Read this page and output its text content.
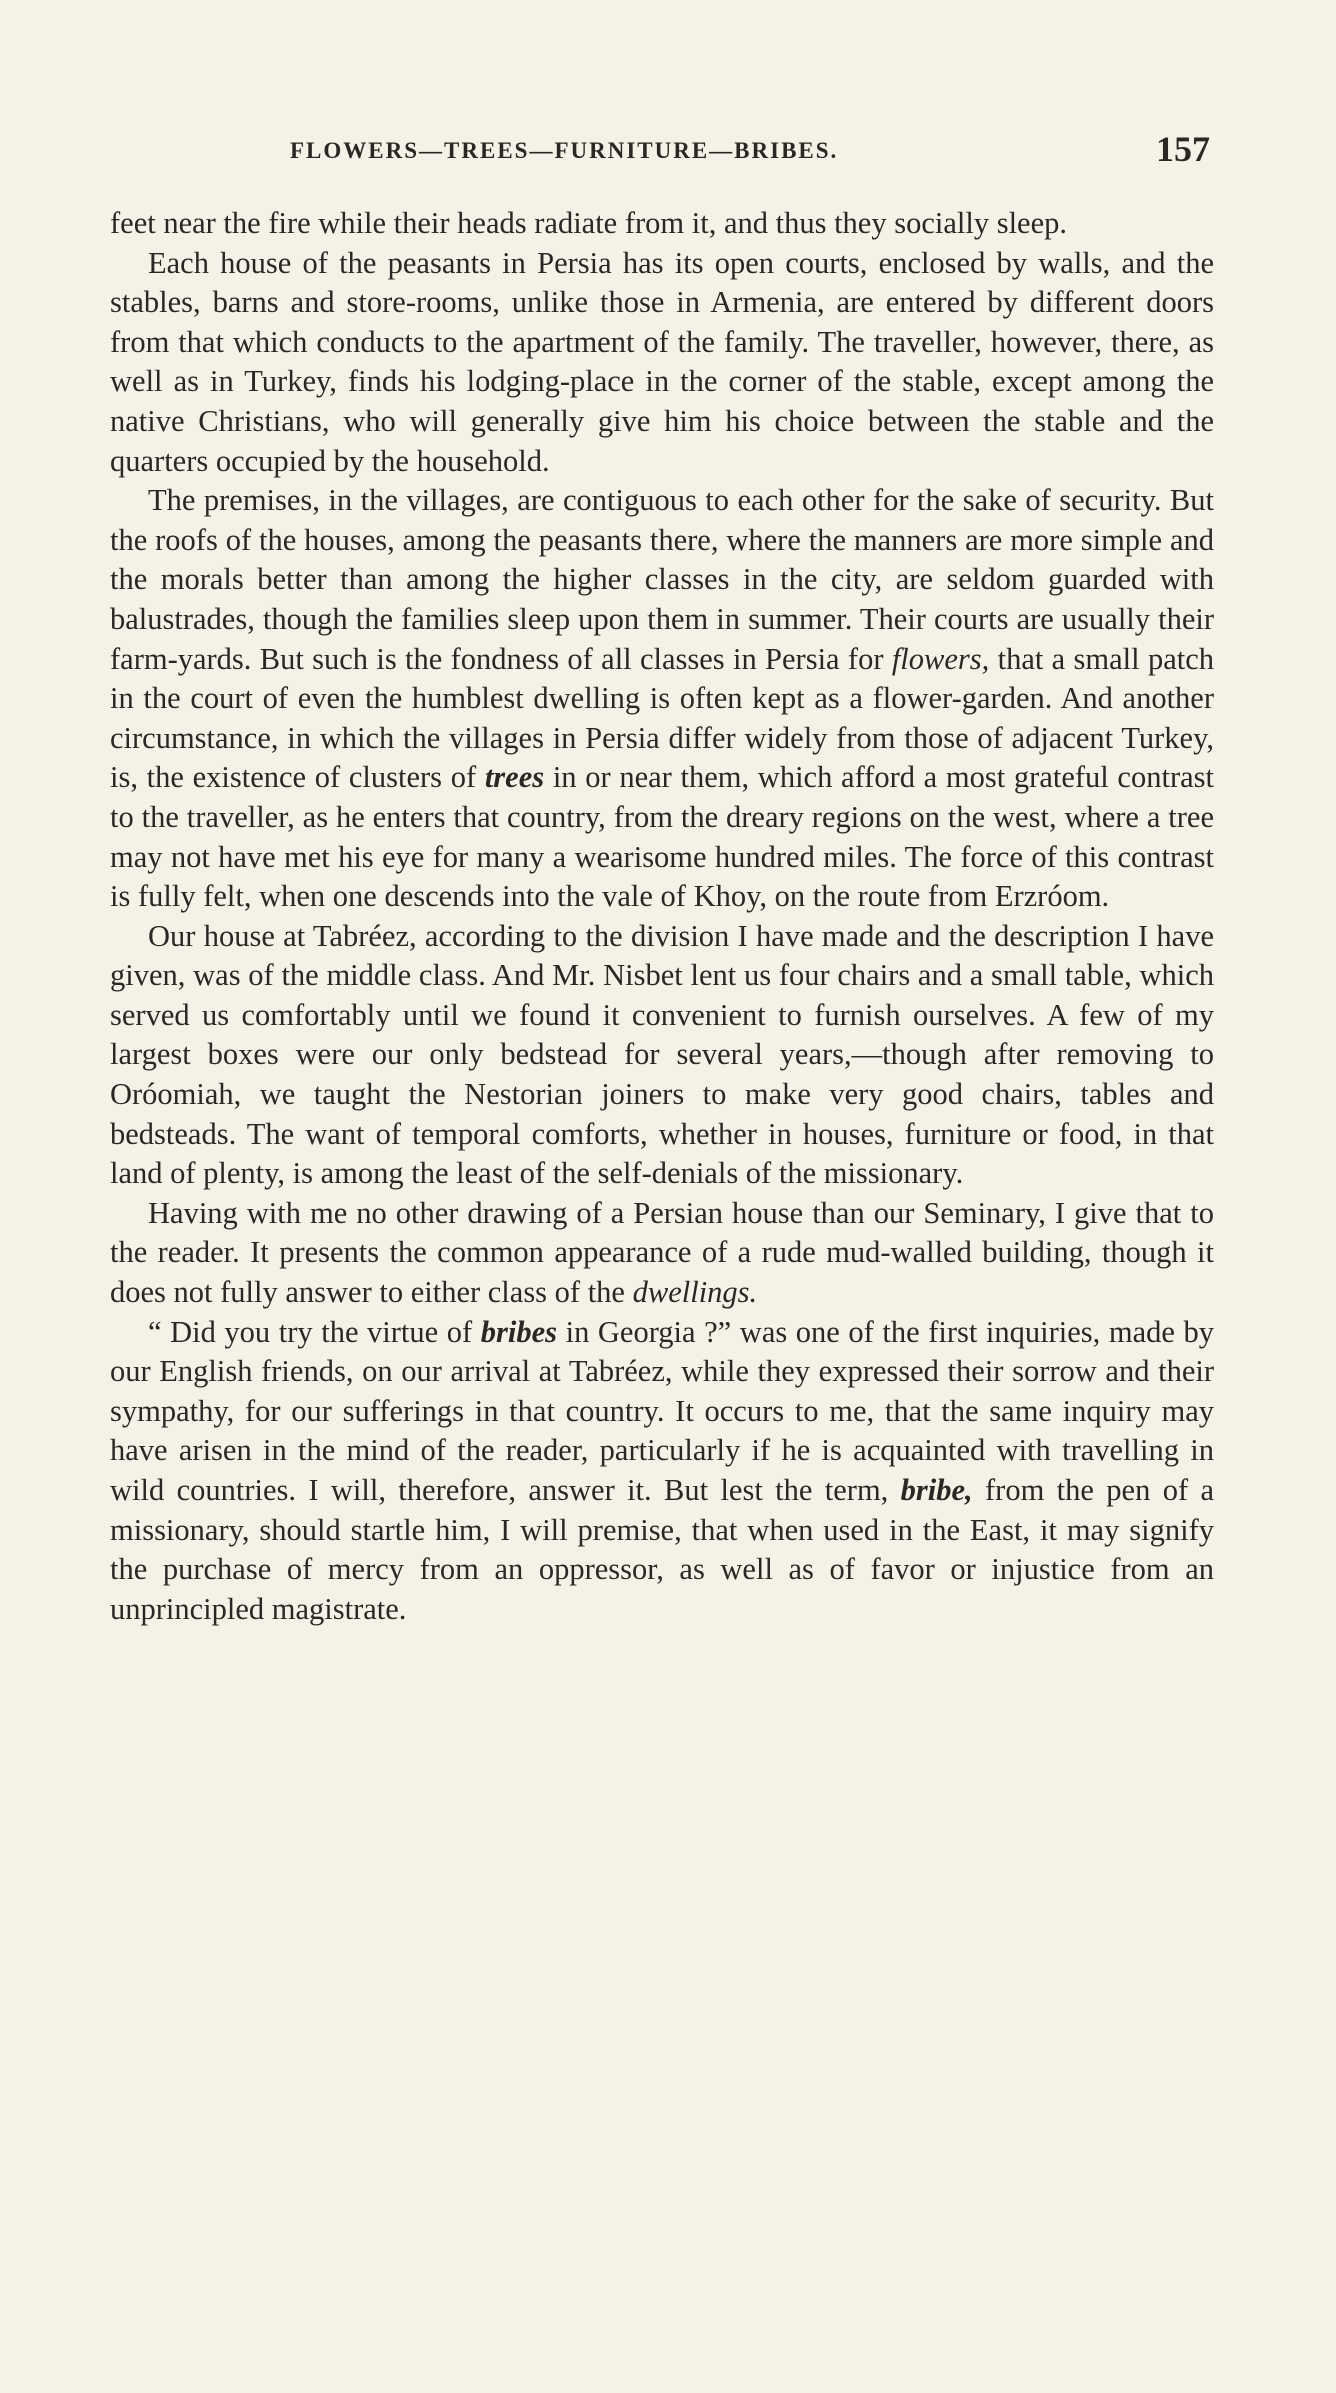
FLOWERS—TREES—FURNITURE—BRIBES.	157

feet near the fire while their heads radiate from it, and thus they socially sleep.

Each house of the peasants in Persia has its open courts, enclosed by walls, and the stables, barns and store-rooms, unlike those in Armenia, are entered by different doors from that which conducts to the apartment of the family. The traveller, however, there, as well as in Turkey, finds his lodging-place in the corner of the stable, except among the native Christians, who will generally give him his choice between the stable and the quarters occupied by the household.

The premises, in the villages, are contiguous to each other for the sake of security. But the roofs of the houses, among the peasants there, where the manners are more simple and the morals better than among the higher classes in the city, are seldom guarded with balustrades, though the families sleep upon them in summer. Their courts are usually their farm-yards. But such is the fondness of all classes in Persia for flowers, that a small patch in the court of even the humblest dwelling is often kept as a flower-garden. And another circumstance, in which the villages in Persia differ widely from those of adjacent Turkey, is, the existence of clusters of trees in or near them, which afford a most grateful contrast to the traveller, as he enters that country, from the dreary regions on the west, where a tree may not have met his eye for many a wearisome hundred miles. The force of this contrast is fully felt, when one descends into the vale of Khoy, on the route from Erzróom.

Our house at Tabréez, according to the division I have made and the description I have given, was of the middle class. And Mr. Nisbet lent us four chairs and a small table, which served us comfortably until we found it convenient to furnish ourselves. A few of my largest boxes were our only bedstead for several years,—though after removing to Oróomiah, we taught the Nestorian joiners to make very good chairs, tables and bedsteads. The want of temporal comforts, whether in houses, furniture or food, in that land of plenty, is among the least of the self-denials of the missionary.

Having with me no other drawing of a Persian house than our Seminary, I give that to the reader. It presents the common appearance of a rude mud-walled building, though it does not fully answer to either class of the dwellings.

“ Did you try the virtue of bribes in Georgia ?” was one of the first inquiries, made by our English friends, on our arrival at Tabréez, while they expressed their sorrow and their sympathy, for our sufferings in that country. It occurs to me, that the same inquiry may have arisen in the mind of the reader, particularly if he is acquainted with travelling in wild countries. I will, therefore, answer it. But lest the term, bribe, from the pen of a missionary, should startle him, I will premise, that when used in the East, it may signify the purchase of mercy from an oppressor, as well as of favor or injustice from an unprincipled magistrate.
